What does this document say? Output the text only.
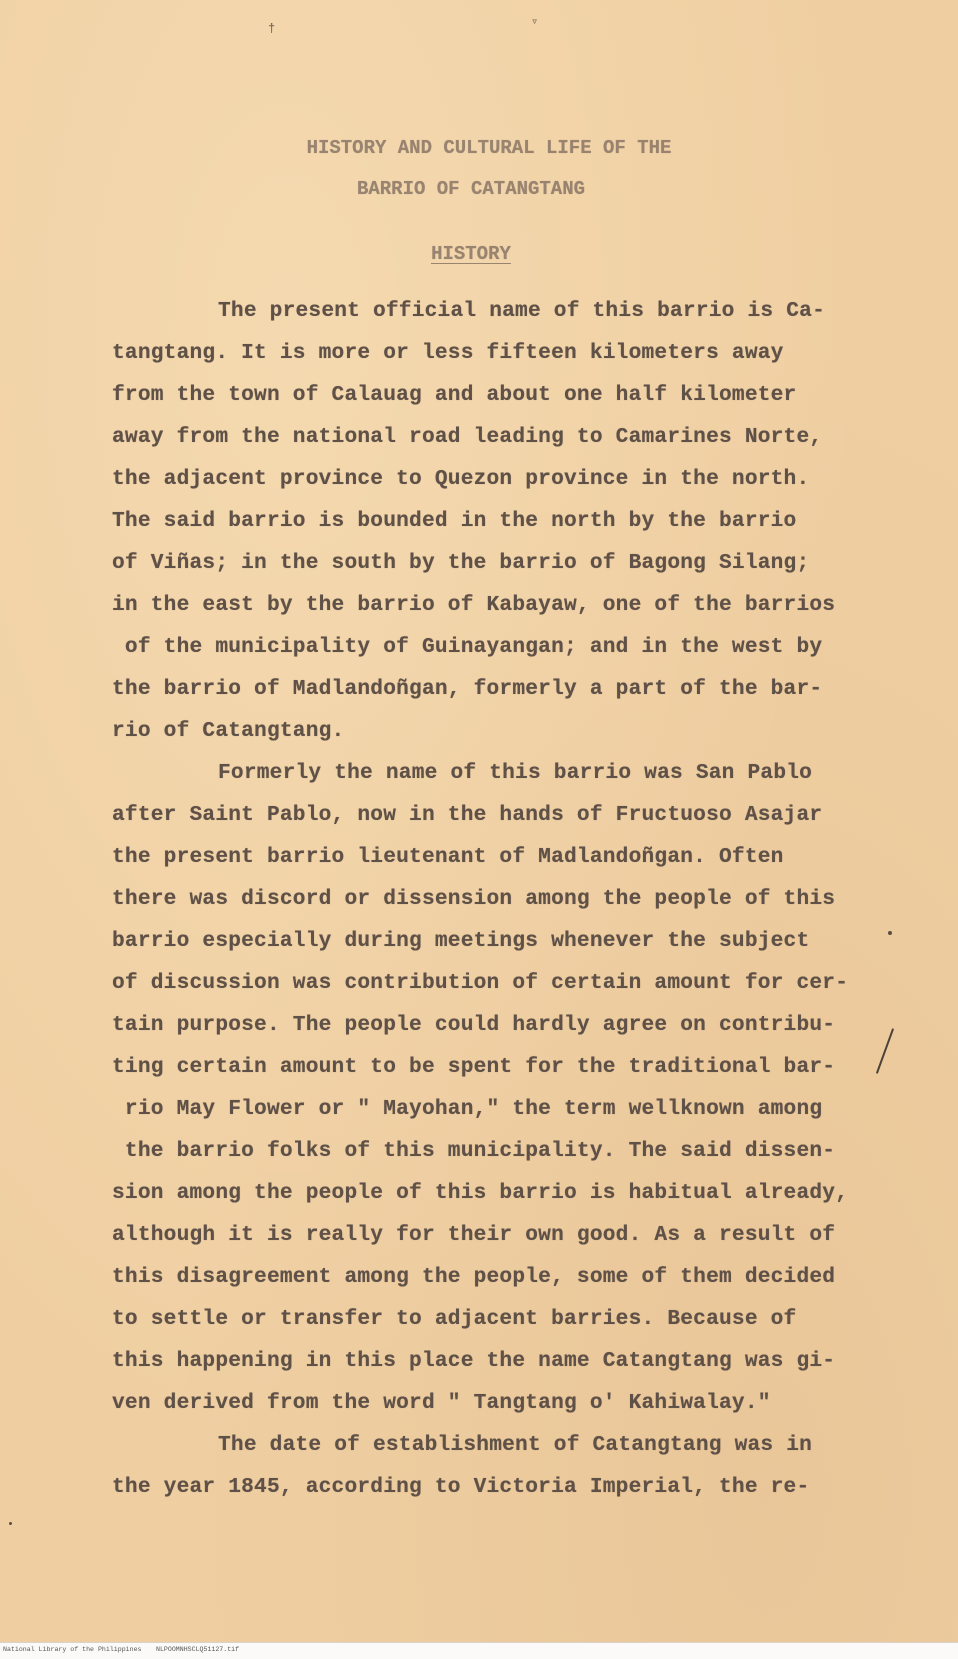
†	▿
HISTORY AND CULTURAL LIFE OF THE
BARRIO OF CATANGTANG
HISTORY
The present official name of this barrio is Ca-
tangtang. It is more or less fifteen kilometers away
from the town of Calauag and about one half kilometer
away from the national road leading to Camarines Norte,
the adjacent province to Quezon province in the north.
The said barrio is bounded in the north by the barrio
of Viñas; in the south by the barrio of Bagong Silang;
in the east by the barrio of Kabayaw, one of the barrios
of the municipality of Guinayangan; and in the west by
the barrio of Madlandoñgan, formerly a part of the bar-
rio of Catangtang.
Formerly the name of this barrio was San Pablo
after Saint Pablo, now in the hands of Fructuoso Asajar
the present barrio lieutenant of Madlandoñgan. Often
there was discord or dissension among the people of this
barrio especially during meetings whenever the subject
of discussion was contribution of certain amount for cer-
tain purpose. The people could hardly agree on contribu-
ting certain amount to be spent for the traditional bar-
rio May Flower or " Mayohan," the term wellknown among
the barrio folks of this municipality. The said dissen-
sion among the people of this barrio is habitual already,
although it is really for their own good. As a result of
this disagreement among the people, some of them decided
to settle or transfer to adjacent barries. Because of
this happening in this place the name Catangtang was gi-
ven derived from the word " Tangtang o' Kahiwalay."
The date of establishment of Catangtang was in
the year 1845, according to Victoria Imperial, the re-
National Library of the Philippines NLPOOMNHSCLQ51127.tif
